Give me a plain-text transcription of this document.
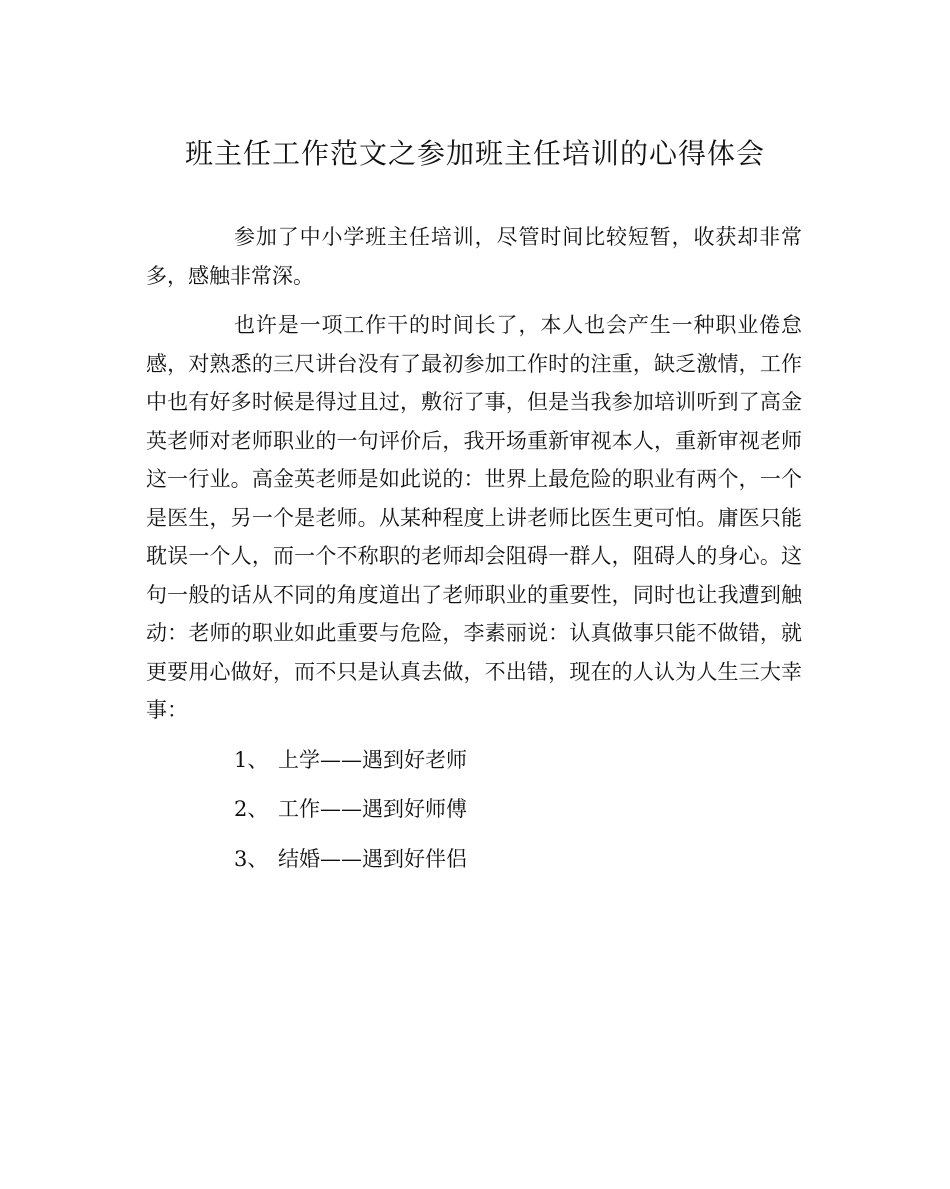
班主任工作范文之参加班主任培训的心得体会

参加了中小学班主任培训，尽管时间比较短暂，收获却非常多，感触非常深。

也许是一项工作干的时间长了，本人也会产生一种职业倦怠感，对熟悉的三尺讲台没有了最初参加工作时的注重，缺乏激情，工作中也有好多时候是得过且过，敷衍了事，但是当我参加培训听到了高金英老师对老师职业的一句评价后，我开场重新审视本人，重新审视老师这一行业。高金英老师是如此说的：世界上最危险的职业有两个，一个是医生，另一个是老师。从某种程度上讲老师比医生更可怕。庸医只能耽误一个人，而一个不称职的老师却会阻碍一群人，阻碍人的身心。这句一般的话从不同的角度道出了老师职业的重要性，同时也让我遭到触动：老师的职业如此重要与危险，李素丽说：认真做事只能不做错，就更要用心做好，而不只是认真去做，不出错，现在的人认为人生三大幸事：

1、 上学——遇到好老师
2、 工作——遇到好师傅
3、 结婚——遇到好伴侣
